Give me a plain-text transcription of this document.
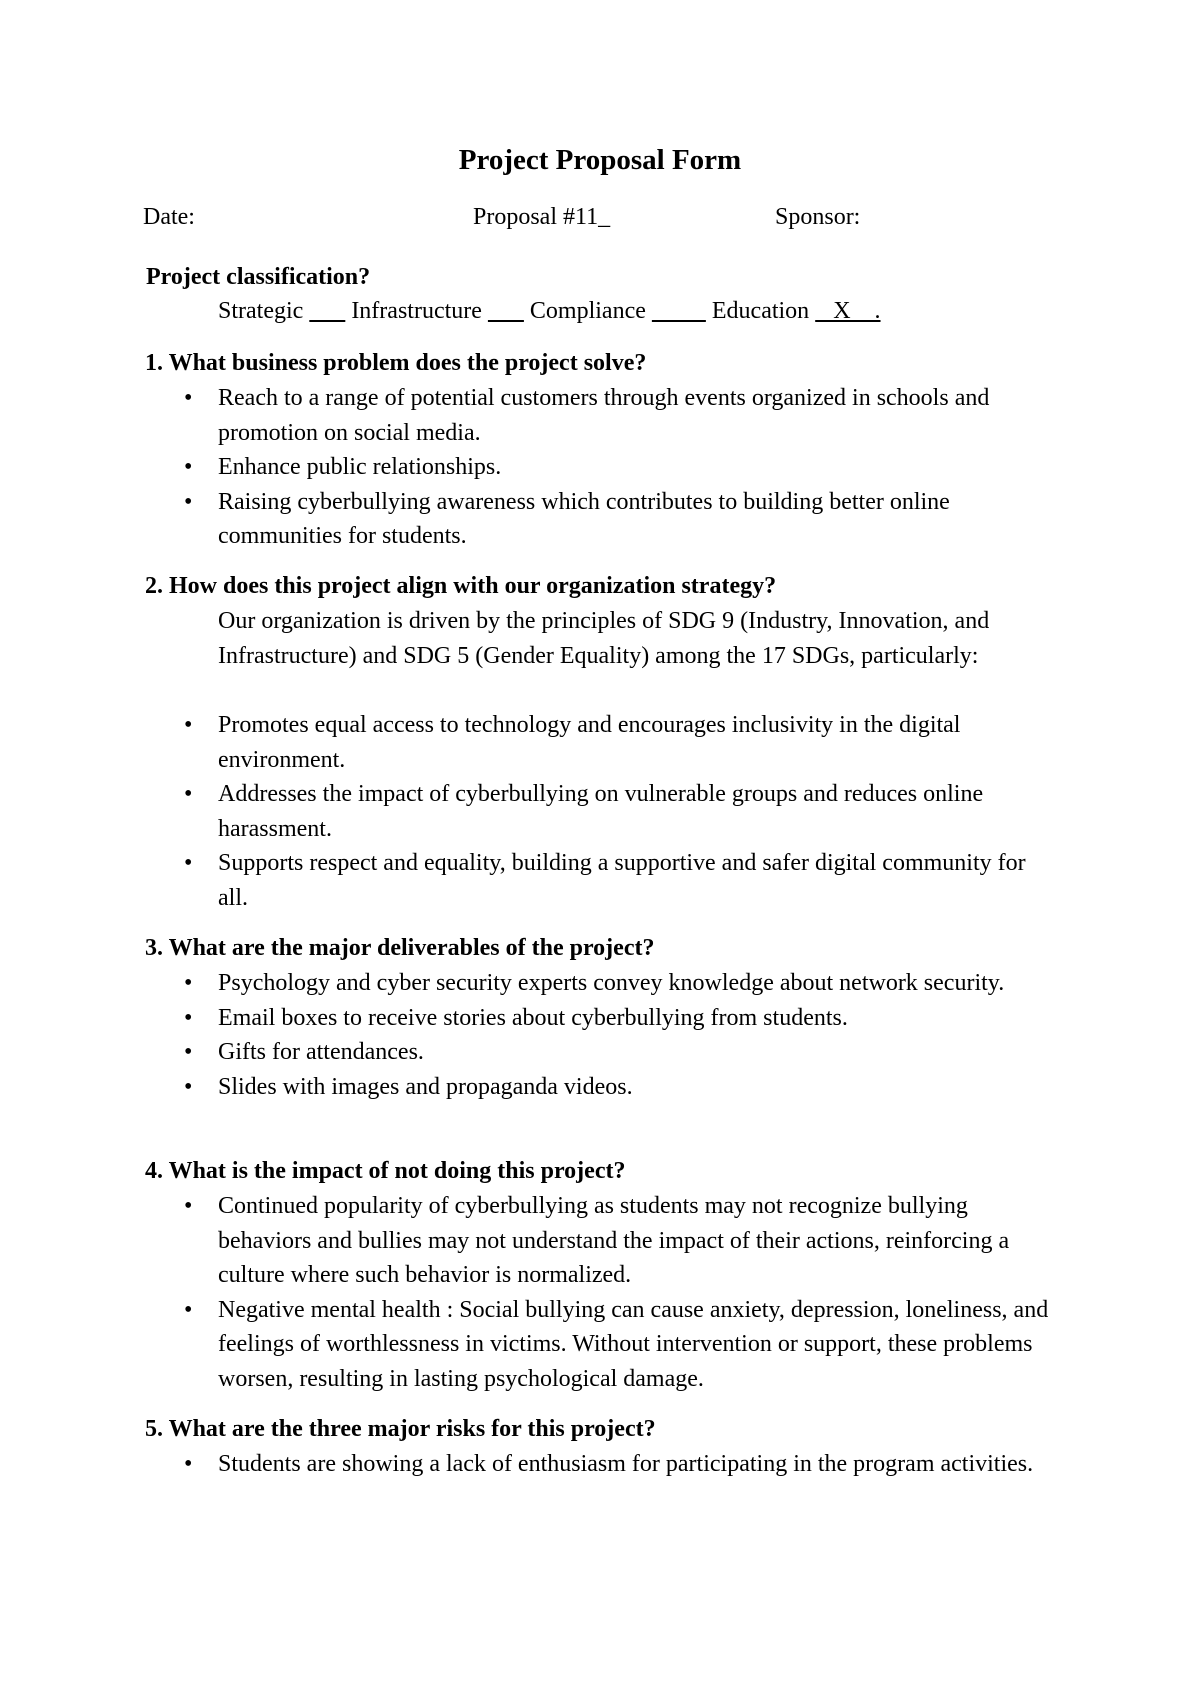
Project Proposal Form
Date:	Proposal #11_	Sponsor:
Project classification?
Strategic Infrastructure Compliance	Education    X    .
1. What business problem does the project solve?
• Reach to a range of potential customers through events organized in schools and promotion on social media.
• Enhance public relationships.
• Raising cyberbullying awareness which contributes to building better online communities for students.
2. How does this project align with our organization strategy?
Our organization is driven by the principles of SDG 9 (Industry, Innovation, and Infrastructure) and SDG 5 (Gender Equality) among the 17 SDGs, particularly:
• Promotes equal access to technology and encourages inclusivity in the digital environment.
• Addresses the impact of cyberbullying on vulnerable groups and reduces online harassment.
• Supports respect and equality, building a supportive and safer digital community for all.
3. What are the major deliverables of the project?
• Psychology and cyber security experts convey knowledge about network security.
• Email boxes to receive stories about cyberbullying from students.
• Gifts for attendances.
• Slides with images and propaganda videos.
4. What is the impact of not doing this project?
• Continued popularity of cyberbullying as students may not recognize bullying behaviors and bullies may not understand the impact of their actions, reinforcing a culture where such behavior is normalized.
• Negative mental health : Social bullying can cause anxiety, depression, loneliness, and feelings of worthlessness in victims. Without intervention or support, these problems worsen, resulting in lasting psychological damage.
5. What are the three major risks for this project?
• Students are showing a lack of enthusiasm for participating in the program activities.
